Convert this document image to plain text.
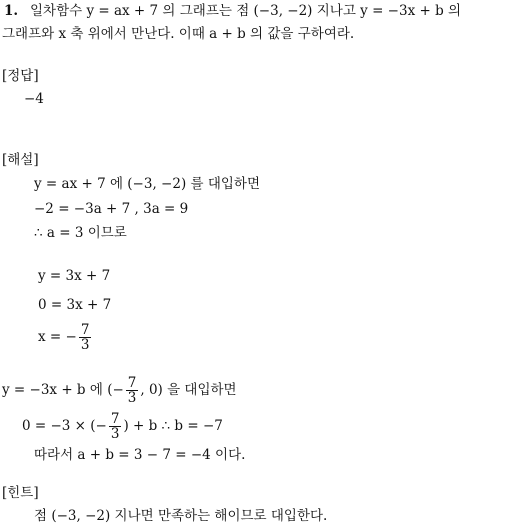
1. 일차함수 y = ax + 7 의 그래프는 점 (−3, −2) 지나고 y = −3x + b 의
그래프와 x 축 위에서 만난다. 이때 a + b 의 값을 구하여라.
[정답]
−4
[해설]
y = ax + 7 에 (−3, −2) 를 대입하면
−2 = −3a + 7 , 3a = 9
∴ a = 3 이므로
y = 3x + 7
0 = 3x + 7
x = − $\frac{7}{3}$
y = −3x + b 에 (− $\frac{7}{3}$ , 0) 을 대입하면
0 = −3 × (− $\frac{7}{3}$ ) + b ∴ b = −7
따라서 a + b = 3 − 7 = −4 이다.
[힌트]
점 (−3, −2) 지나면 만족하는 해이므로 대입한다.
